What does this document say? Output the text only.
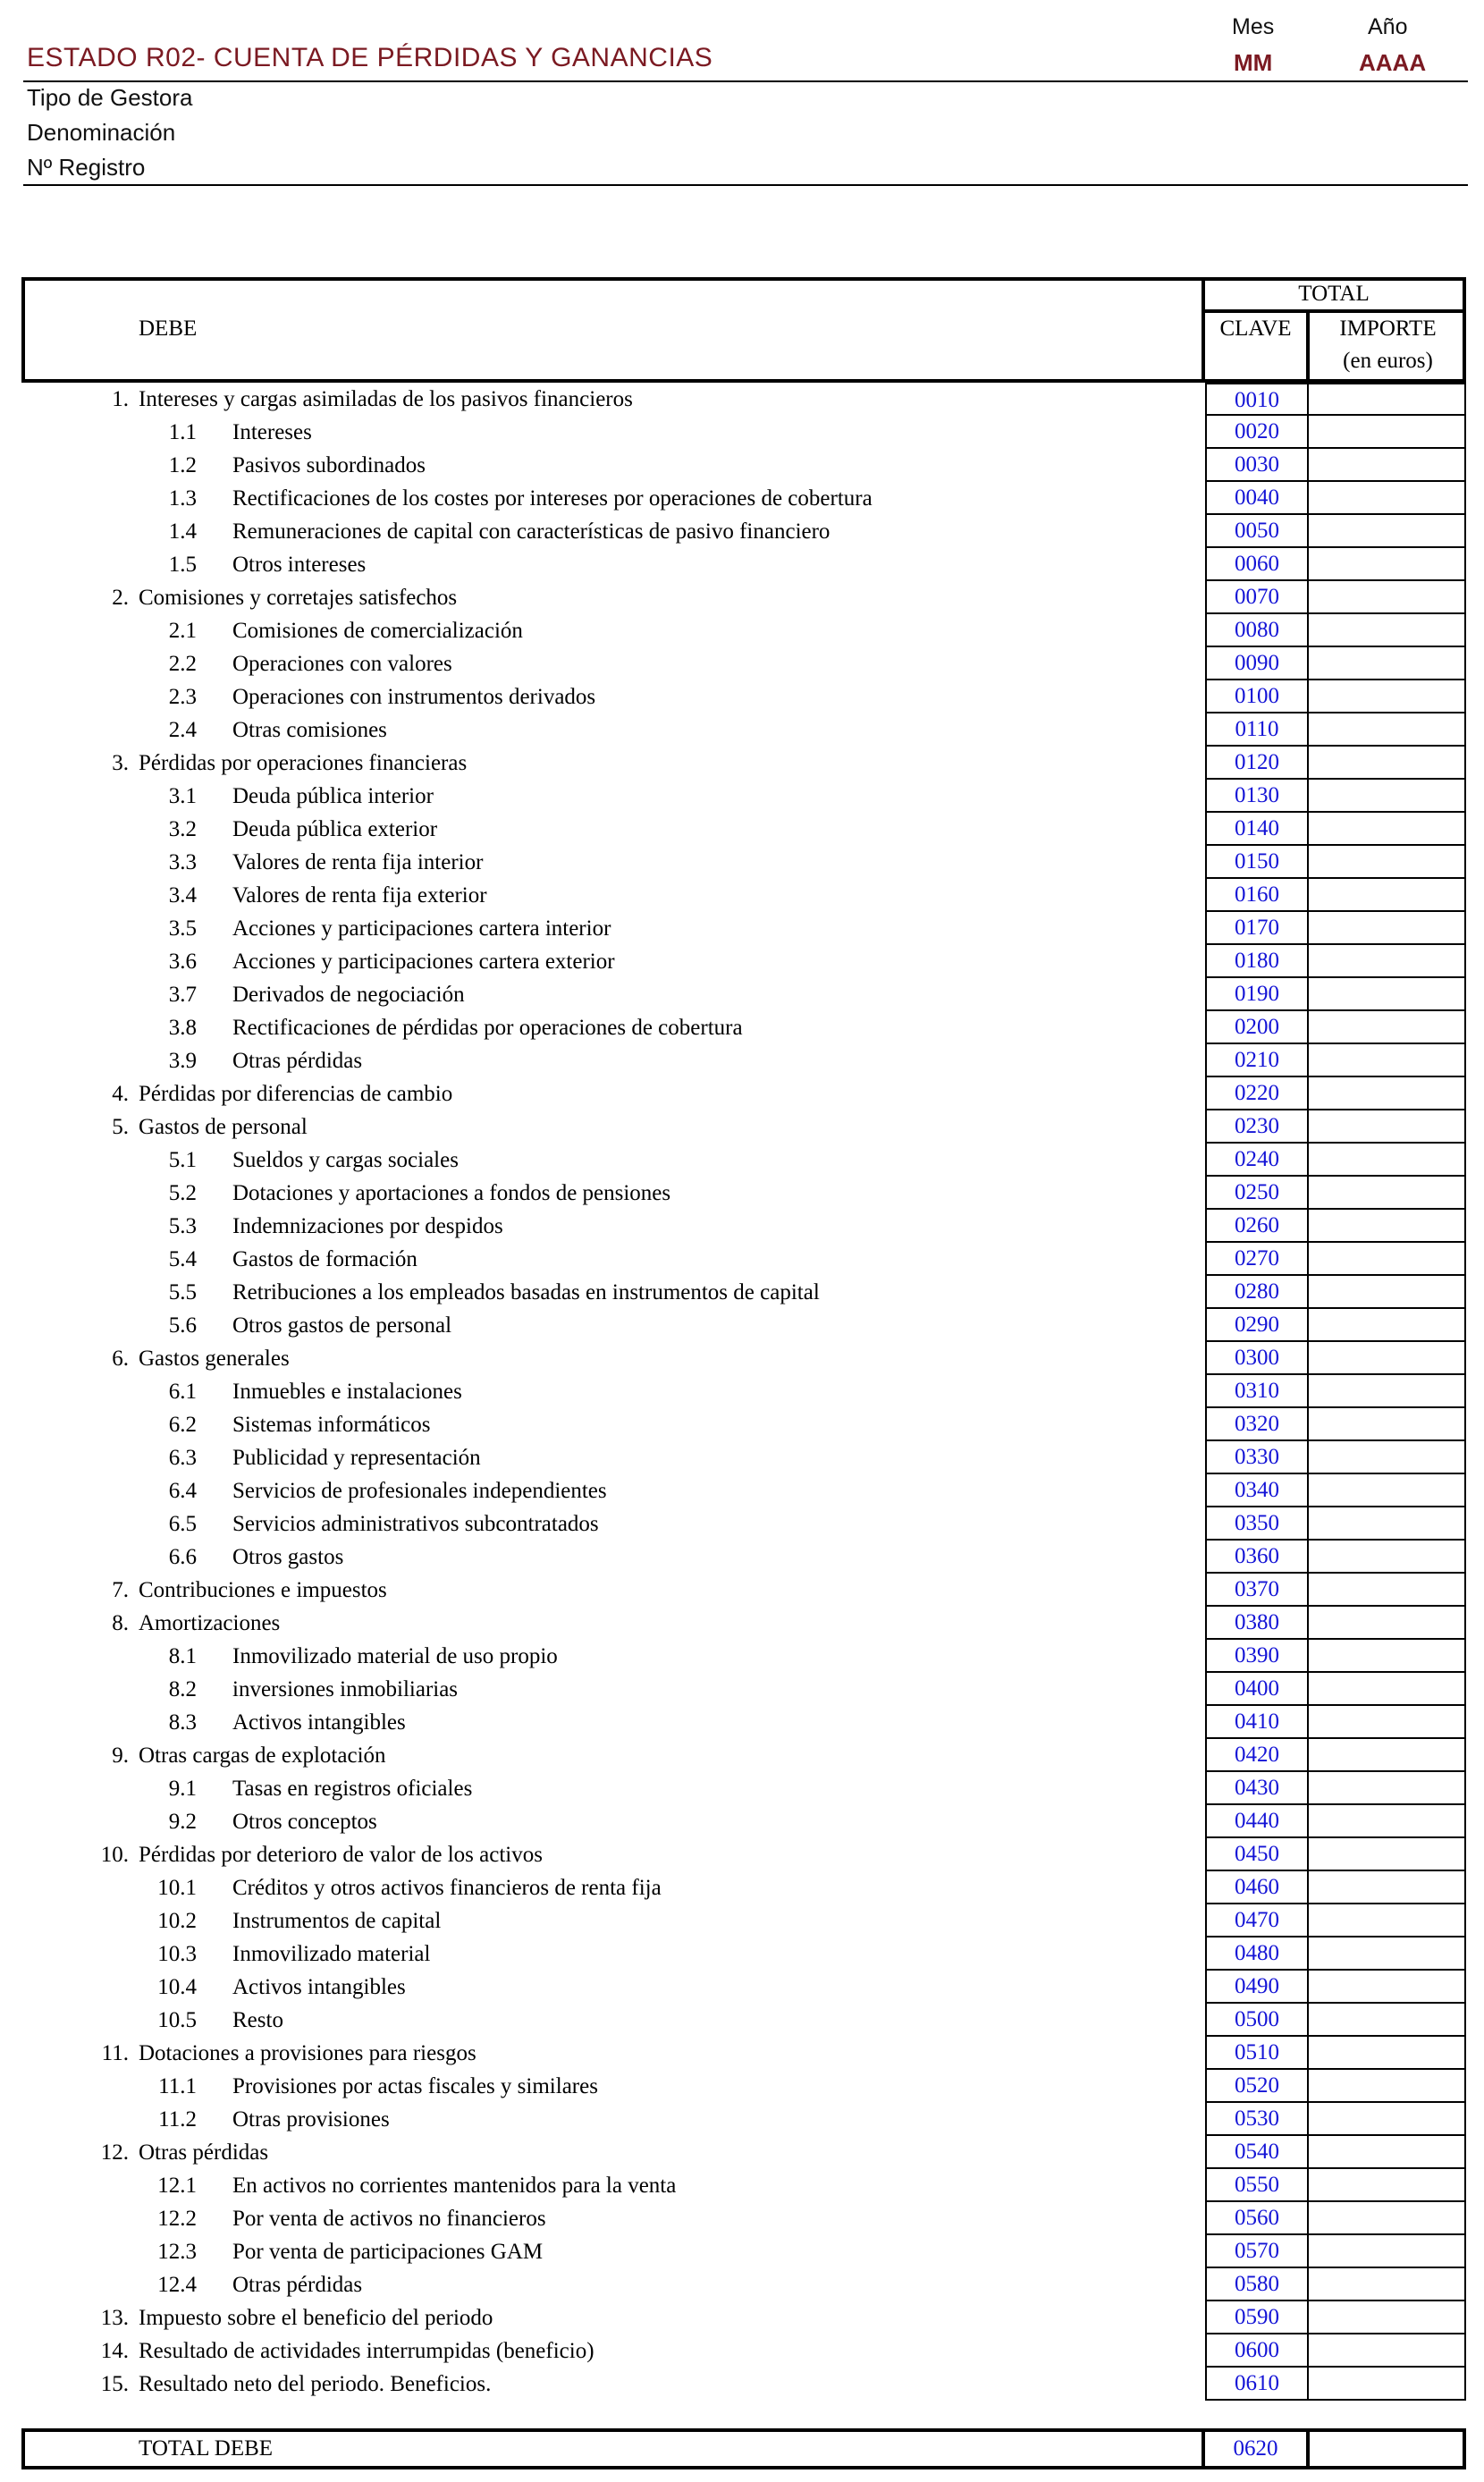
ESTADO R02- CUENTA DE PÉRDIDAS Y GANANCIAS
Mes	Año
MM	AAAA
Tipo de Gestora
Denominación
Nº Registro
DEBE
TOTAL
CLAVE	IMPORTE
(en euros)
1. Intereses y cargas asimiladas de los pasivos financieros	0010
1.1 Intereses	0020
1.2 Pasivos subordinados	0030
1.3 Rectificaciones de los costes por intereses por operaciones de cobertura	0040
1.4 Remuneraciones de capital con características de pasivo financiero	0050
1.5 Otros intereses	0060
2. Comisiones y corretajes satisfechos	0070
2.1 Comisiones de comercialización	0080
2.2 Operaciones con valores	0090
2.3 Operaciones con instrumentos derivados	0100
2.4 Otras comisiones	0110
3. Pérdidas por operaciones financieras	0120
3.1 Deuda pública interior	0130
3.2 Deuda pública exterior	0140
3.3 Valores de renta fija interior	0150
3.4 Valores de renta fija exterior	0160
3.5 Acciones y participaciones cartera interior	0170
3.6 Acciones y participaciones cartera exterior	0180
3.7 Derivados de negociación	0190
3.8 Rectificaciones de pérdidas por operaciones de cobertura	0200
3.9 Otras pérdidas	0210
4. Pérdidas por diferencias de cambio	0220
5. Gastos de personal	0230
5.1 Sueldos y cargas sociales	0240
5.2 Dotaciones y aportaciones a fondos de pensiones	0250
5.3 Indemnizaciones por despidos	0260
5.4 Gastos de formación	0270
5.5 Retribuciones a los empleados basadas en instrumentos de capital	0280
5.6 Otros gastos de personal	0290
6. Gastos generales	0300
6.1 Inmuebles e instalaciones	0310
6.2 Sistemas informáticos	0320
6.3 Publicidad y representación	0330
6.4 Servicios de profesionales independientes	0340
6.5 Servicios administrativos subcontratados	0350
6.6 Otros gastos	0360
7. Contribuciones e impuestos	0370
8. Amortizaciones	0380
8.1 Inmovilizado material de uso propio	0390
8.2 inversiones inmobiliarias	0400
8.3 Activos intangibles	0410
9. Otras cargas de explotación	0420
9.1 Tasas en registros oficiales	0430
9.2 Otros conceptos	0440
10. Pérdidas por deterioro de valor de los activos	0450
10.1 Créditos y otros activos financieros de renta fija	0460
10.2 Instrumentos de capital	0470
10.3 Inmovilizado material	0480
10.4 Activos intangibles	0490
10.5 Resto	0500
11. Dotaciones a provisiones para riesgos	0510
11.1 Provisiones por actas fiscales y similares	0520
11.2 Otras provisiones	0530
12. Otras pérdidas	0540
12.1 En activos no corrientes mantenidos para la venta	0550
12.2 Por venta de activos no financieros	0560
12.3 Por venta de participaciones GAM	0570
12.4 Otras pérdidas	0580
13. Impuesto sobre el beneficio del periodo	0590
14. Resultado de actividades interrumpidas (beneficio)	0600
15. Resultado neto del periodo. Beneficios.	0610
TOTAL DEBE	0620
